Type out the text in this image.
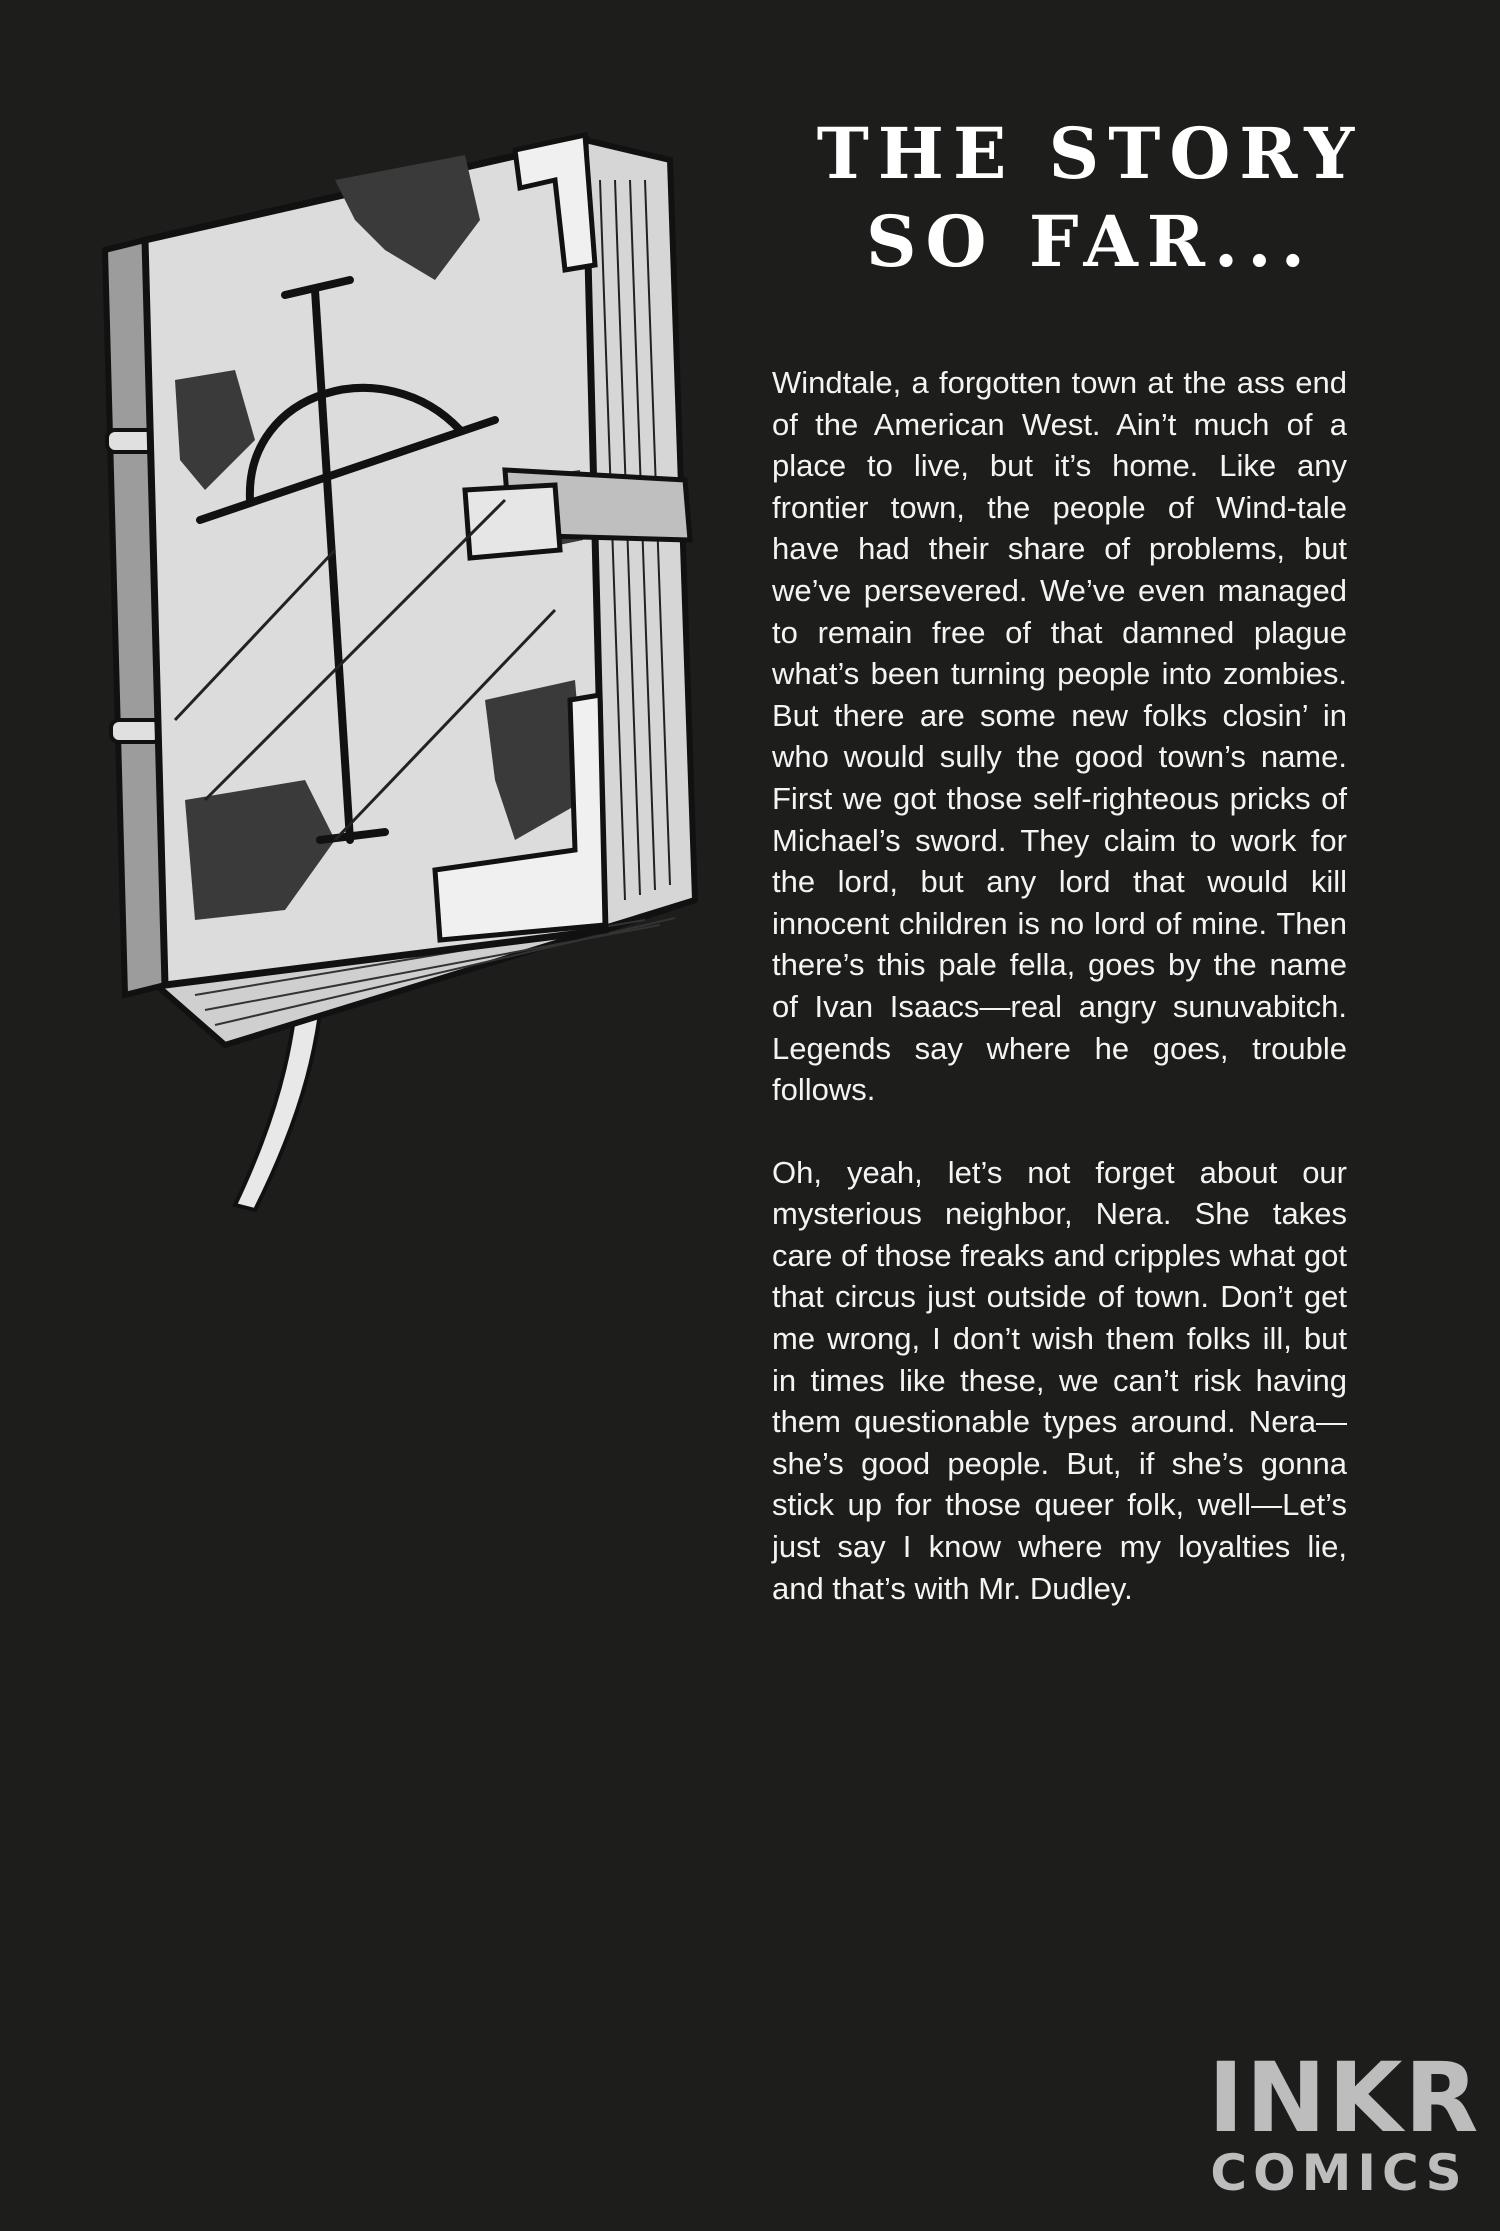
THE STORY
SO FAR...

Windtale, a forgotten town at the ass end of the American West. Ain’t much of a place to live, but it’s home. Like any frontier town, the people of Wind-tale have had their share of problems, but we’ve persevered. We’ve even managed to remain free of that damned plague what’s been turning people into zombies. But there are some new folks closin’ in who would sully the good town’s name. First we got those self-righteous pricks of Michael’s sword. They claim to work for the lord, but any lord that would kill innocent children is no lord of mine. Then there’s this pale fella, goes by the name of Ivan Isaacs—real angry sunuvabitch. Legends say where he goes, trouble follows.

Oh, yeah, let’s not forget about our mysterious neighbor, Nera. She takes care of those freaks and cripples what got that circus just outside of town. Don’t get me wrong, I don’t wish them folks ill, but in times like these, we can’t risk having them questionable types around. Nera—she’s good people. But, if she’s gonna stick up for those queer folk, well—Let’s just say I know where my loyalties lie, and that’s with Mr. Dudley.

INKR
COMICS
